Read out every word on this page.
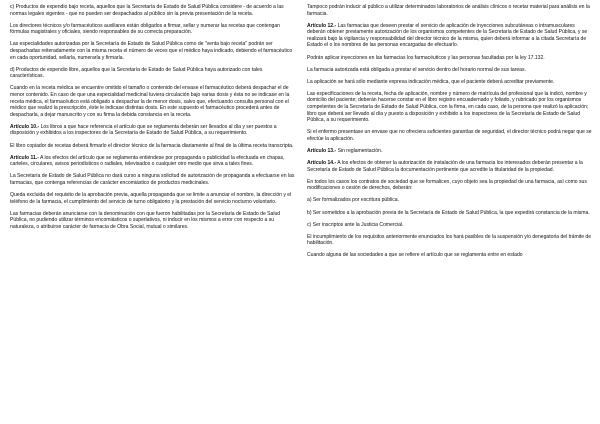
c) Productos de expendio bajo receta, aquellos que la Secretaría de Estado de Salud Pública considere - de acuerdo a las normas legales vigentes - que no pueden ser despachados al público sin la previa presentación de la receta.

Los directores técnicos y/o farmacéuticos auxiliares están obligados a firmar, sellar y numerar las recetas que contengan fórmulas magistrales y oficiales, siendo responsables de su correcta preparación.

Las especialidades autorizadas por la Secretaría de Estado de Salud Pública como de "venta bajo receta" podrán ser despachadas reiteradamente con la misma receta el número de veces que el médico haya indicado, debiendo el farmacéutico en cada oportunidad, sellarla, numerarla y firmarla.

d) Productos de expendio libre, aquellos que la Secretaría de Estado de Salud Pública haya autorizado con tales características.

Cuando en la receta médica se encuentre omitido el tamaño o contenido del envase el farmacéutico deberá despachar el de menor contenido. En caso de que una especialidad medicinal tuviera circulación bajo varias dosis y ésta no se indicase en la receta médica, el farmacéutico está obligado a despachar la de menor dosis, salvo que, efectuando consulta personal con el médico que realizó la prescripción, éste le indicase distintas dosis. En este supuesto el farmacéutico procederá antes de despacharla, a dejar manuscrito y con su firma la debida constancia en la receta.

Artículo 10.- Los libros a que hace referencia el artículo que se reglamenta deberán ser llevados al día y ser puestos a disposición y exhibidos a los inspectores de la Secretaría de Estado de Salud Pública, a su requerimiento.

El libro copiador de recetas deberá firmarlo el director técnico de la farmacia diariamente al final de la última receta transcripta.

Artículo 11.- A los efectos del artículo que se reglamenta entiéndese por propaganda o publicidad la efectuada en chapas, carteles, circulares, avisos periodísticos o radiales, televisados o cualquier otro medio que sirva a tales fines.

La Secretaría de Estado de Salud Pública no dará curso a ninguna solicitud de autorización de propaganda a efectuarse en las farmacias, que contenga referencias de carácter encomiástico de productos medicinales.

Queda excluida del requisito de la aprobación previa, aquella propaganda que se limite a anunciar el nombre, la dirección y el teléfono de la farmacia, el cumplimiento del servicio de turno obligatorio y la prestación del servicio nocturno voluntario.

Las farmacias deberán anunciarse con la denominación con que fueron habilitadas por la Secretaría de Estado de Salud Pública, no pudiendo utilizar términos encomiásticos o superlativos, ni inducir en los mismos a error con respecto a su naturaleza, o atribuirse carácter de farmacia de Obra Social, mutual o similares.

Tampoco podrán inducir al público a utilizar determinados laboratorios de análisis clínicos o recetar material para análisis en la farmacia.

Artículo 12.- Las farmacias que deseen prestar el servicio de aplicación de inyecciones subcutáneas o intramusculares deberán obtener previamente autorización de los organismos competentes de la Secretaría de Estado de Salud Pública, y se realizará bajo la vigilancia y responsabilidad del director técnico de la misma, quien deberá informar a la citada Secretaría de Estado el o los nombres de las personas encargadas de efectuarlo.

Podrán aplicar inyecciones en las farmacias los farmacéuticos y las personas facultadas por la ley 17.132.

La farmacia autorizada está obligada a prestar el servicio dentro del horario normal de sus tareas.

La aplicación se hará sólo mediante expresa indicación médica, que el paciente deberá acreditar previamente.

Las especificaciones de la receta, fecha de aplicación, nombre y número de matrícula del profesional que la indicó, nombre y domicilio del paciente; deberán hacerse constar en el libro registro encuadernado y foliado, y rubricado por los organismos competentes de la Secretaría de Estado de Salud Pública, con la firma, en cada caso, de la persona que realizó la aplicación; libro que deberá ser llevado al día y puesto a disposición y exhibido a los inspectores de la Secretaría de Estado de Salud Pública, a su requerimiento.

Si el enfermo presentase un envase que no ofreciera suficientes garantías de seguridad, el director técnico podrá negar que se efectúe la aplicación.

Artículo 13.- Sin reglamentación.

Artículo 14.- A los efectos de obtener la autorización de instalación de una farmacia los interesados deberán presentar a la Secretaría de Estado de Salud Pública la documentación pertinente que acredite la titularidad de la propiedad.

En todos los casos los contratos de sociedad que se formalicen, cuyo objeto sea la propiedad de una farmacia, así como sus modificaciones o cesión de derechos, deberán:

a) Ser formalizados por escritura pública.

b) Ser sometidos a la aprobación previa de la Secretaría de Estado de Salud Pública, la que expedirá constancia de la misma.

c) Ser inscriptos ante la Justicia Comercial.

El incumplimiento de los requisitos anteriormente enunciados los hará pasibles de la suspensión y/o denegatoria del trámite de habilitación.

Cuando alguna de las sociedades a que se refiere el artículo que se reglamenta entre en estado
